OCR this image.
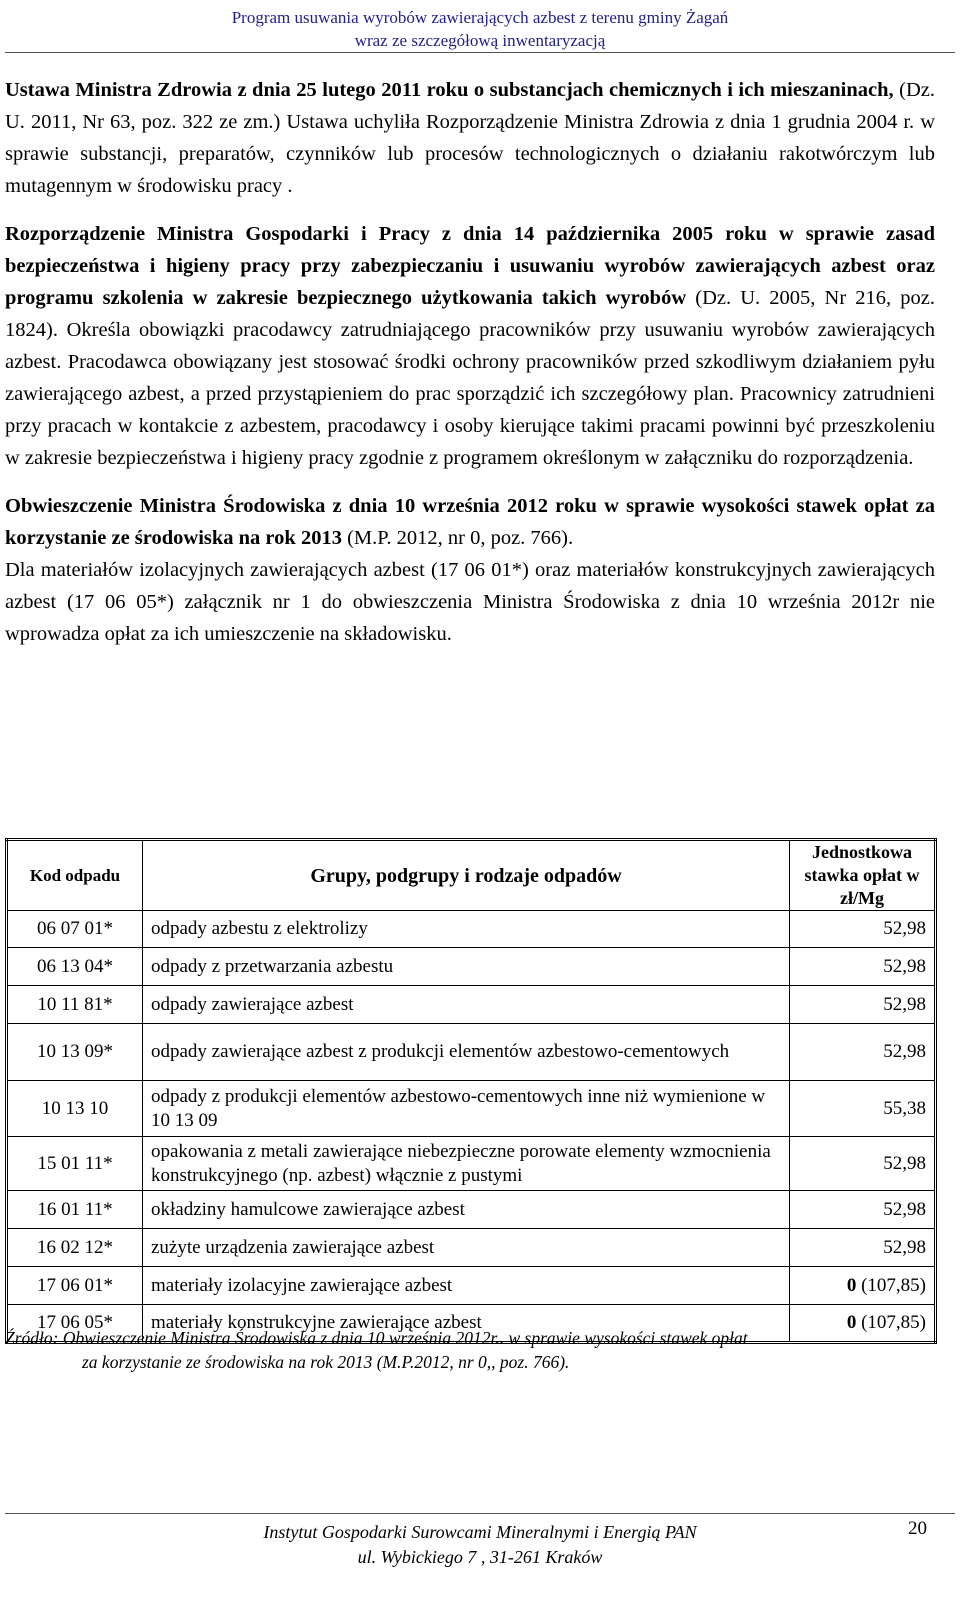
Program usuwania wyrobów zawierających azbest z terenu gminy Żagań
wraz ze szczegółową inwentaryzacją

Ustawa Ministra Zdrowia z dnia 25 lutego 2011 roku o substancjach chemicznych i ich mieszaninach, (Dz. U. 2011, Nr 63, poz. 322 ze zm.) Ustawa uchyliła Rozporządzenie Ministra Zdrowia z dnia 1 grudnia 2004 r. w sprawie substancji, preparatów, czynników lub procesów technologicznych o działaniu rakotwórczym lub mutagennym w środowisku pracy .

Rozporządzenie Ministra Gospodarki i Pracy z dnia 14 października 2005 roku w sprawie zasad bezpieczeństwa i higieny pracy przy zabezpieczaniu i usuwaniu wyrobów zawierających azbest oraz programu szkolenia w zakresie bezpiecznego użytkowania takich wyrobów (Dz. U. 2005, Nr 216, poz. 1824). Określa obowiązki pracodawcy zatrudniającego pracowników przy usuwaniu wyrobów zawierających azbest. Pracodawca obowiązany jest stosować środki ochrony pracowników przed szkodliwym działaniem pyłu zawierającego azbest, a przed przystąpieniem do prac sporządzić ich szczegółowy plan. Pracownicy zatrudnieni przy pracach w kontakcie z azbestem, pracodawcy i osoby kierujące takimi pracami powinni być przeszkoleniu w zakresie bezpieczeństwa i higieny pracy zgodnie z programem określonym w załączniku do rozporządzenia.

Obwieszczenie Ministra Środowiska z dnia 10 września 2012 roku w sprawie wysokości stawek opłat za korzystanie ze środowiska na rok 2013 (M.P. 2012, nr 0, poz. 766).

Dla materiałów izolacyjnych zawierających azbest (17 06 01*) oraz materiałów konstrukcyjnych zawierających azbest (17 06 05*) załącznik nr 1 do obwieszczenia Ministra Środowiska z dnia 10 września 2012r nie wprowadza opłat za ich umieszczenie na składowisku.

Kod odpadu	Grupy, podgrupy i rodzaje odpadów	Jednostkowa stawka opłat w zł/Mg
06 07 01*	odpady azbestu z elektrolizy	52,98
06 13 04*	odpady z przetwarzania azbestu	52,98
10 11 81*	odpady zawierające azbest	52,98
10 13 09*	odpady zawierające azbest z produkcji elementów azbestowo-cementowych	52,98
10 13 10	odpady z produkcji elementów azbestowo-cementowych inne niż wymienione w 10 13 09	55,38
15 01 11*	opakowania z metali zawierające niebezpieczne porowate elementy wzmocnienia konstrukcyjnego (np. azbest) włącznie z pustymi	52,98
16 01 11*	okładziny hamulcowe zawierające azbest	52,98
16 02 12*	zużyte urządzenia zawierające azbest	52,98
17 06 01*	materiały izolacyjne zawierające azbest	0 (107,85)
17 06 05*	materiały konstrukcyjne zawierające azbest	0 (107,85)
Źródło: Obwieszczenie Ministra Środowiska z dnia 10 września 2012r.. w sprawie wysokości stawek opłat
za korzystanie ze środowiska na rok 2013 (M.P.2012, nr 0,, poz. 766).
Instytut Gospodarki Surowcami Mineralnymi i Energią PAN
ul. Wybickiego 7 , 31-261 Kraków
20
